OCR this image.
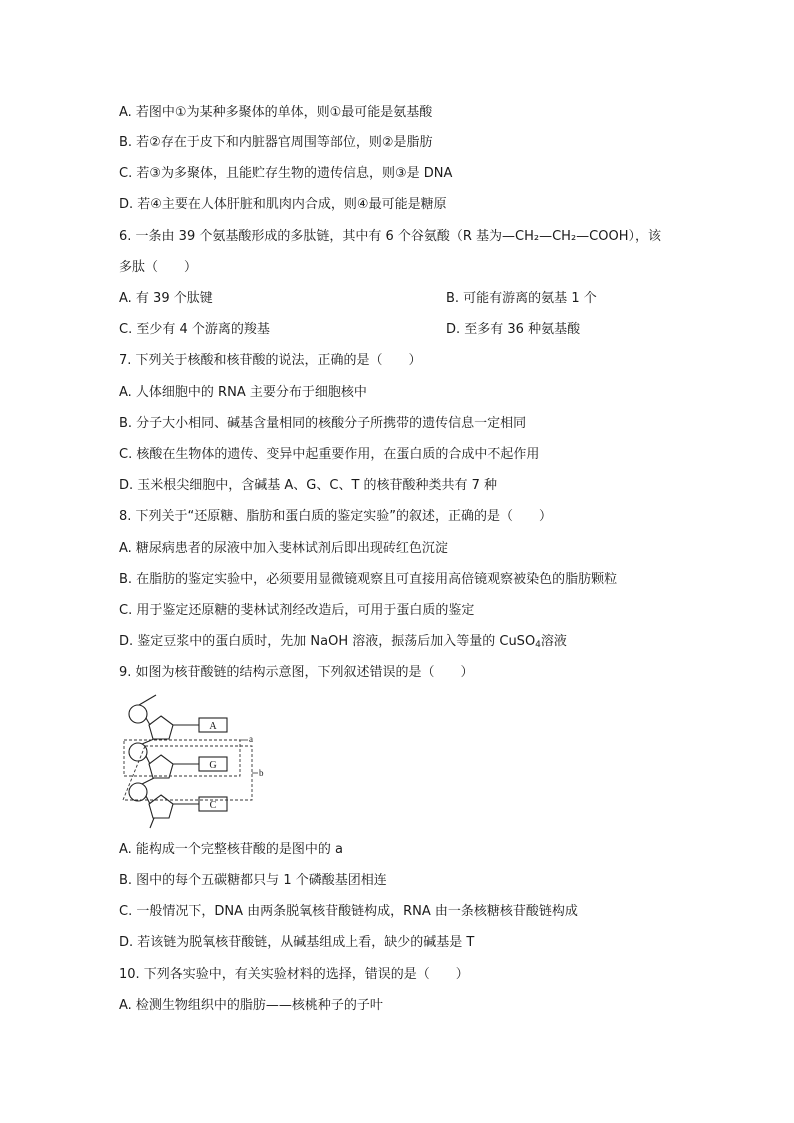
A. 若图中①为某种多聚体的单体，则①最可能是氨基酸
B. 若②存在于皮下和内脏器官周围等部位，则②是脂肪
C. 若③为多聚体，且能贮存生物的遗传信息，则③是 DNA
D. 若④主要在人体肝脏和肌肉内合成，则④最可能是糖原
6. 一条由 39 个氨基酸形成的多肽链，其中有 6 个谷氨酸（R 基为—CH₂—CH₂—COOH），该
多肽（　　）
A. 有 39 个肽键	B. 可能有游离的氨基 1 个
C. 至少有 4 个游离的羧基	D. 至多有 36 种氨基酸
7. 下列关于核酸和核苷酸的说法，正确的是（　　）
A. 人体细胞中的 RNA 主要分布于细胞核中
B. 分子大小相同、碱基含量相同的核酸分子所携带的遗传信息一定相同
C. 核酸在生物体的遗传、变异中起重要作用，在蛋白质的合成中不起作用
D. 玉米根尖细胞中，含碱基 A、G、C、T 的核苷酸种类共有 7 种
8. 下列关于“还原糖、脂肪和蛋白质的鉴定实验”的叙述，正确的是（　　）
A. 糖尿病患者的尿液中加入斐林试剂后即出现砖红色沉淀
B. 在脂肪的鉴定实验中，必须要用显微镜观察且可直接用高倍镜观察被染色的脂肪颗粒
C. 用于鉴定还原糖的斐林试剂经改造后，可用于蛋白质的鉴定
D. 鉴定豆浆中的蛋白质时，先加 NaOH 溶液，振荡后加入等量的 CuSO$_4$溶液
9. 如图为核苷酸链的结构示意图，下列叙述错误的是（　　）
A
G
C
a
b
A. 能构成一个完整核苷酸的是图中的 a
B. 图中的每个五碳糖都只与 1 个磷酸基团相连
C. 一般情况下，DNA 由两条脱氧核苷酸链构成，RNA 由一条核糖核苷酸链构成
D. 若该链为脱氧核苷酸链，从碱基组成上看，缺少的碱基是 T
10. 下列各实验中，有关实验材料的选择，错误的是（　　）
A. 检测生物组织中的脂肪——核桃种子的子叶
